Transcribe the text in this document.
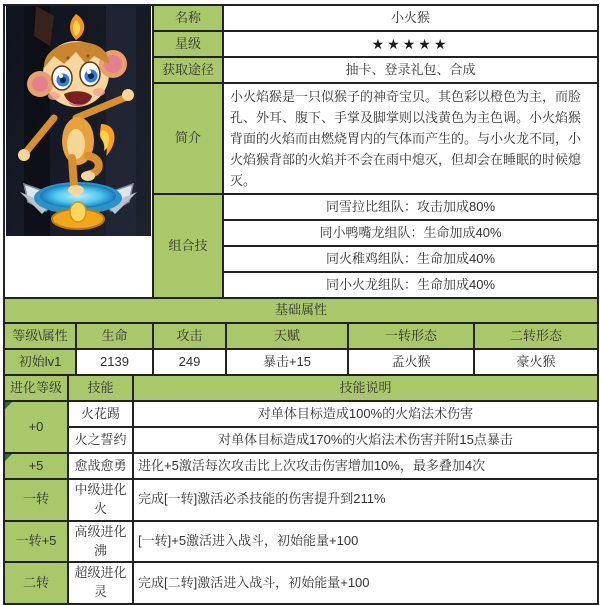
	名称	小火猴
	星级	★★★★★
	获取途径	抽卡、登录礼包、合成
	简介	小火焰猴是一只似猴子的神奇宝贝。其色彩以橙色为主，而脸孔、外耳、腹下、手掌及脚掌则以浅黄色为主色调。小火焰猴背面的火焰而由燃烧胃内的气体而产生的。与小火龙不同，小火焰猴背部的火焰并不会在雨中熄灭，但却会在睡眠的时候熄灭。
	组合技	同雪拉比组队：攻击加成80%
		同小鸭嘴龙组队：生命加成40%
		同火稚鸡组队：生命加成40%
		同小火龙组队：生命加成40%
基础属性					
等级\属性	生命	攻击	天赋	一转形态	二转形态
初始lv1	2139	249	暴击+15	孟火猴	豪火猴
进化等级	技能	技能说明

+0	火花踢	对单体目标造成100%的火焰法术伤害
	火之誓约	对单体目标造成170%的火焰法术伤害并附15点暴击

+5	愈战愈勇	进化+5激活每次攻击比上次攻击伤害增加10%，最多叠加4次
一转	中级进化火	完成[一转]激活必杀技能的伤害提升到211%
一转+5	高级进化沸	[一转]+5激活进入战斗，初始能量+100
二转	超级进化灵	完成[二转]激活进入战斗，初始能量+100
